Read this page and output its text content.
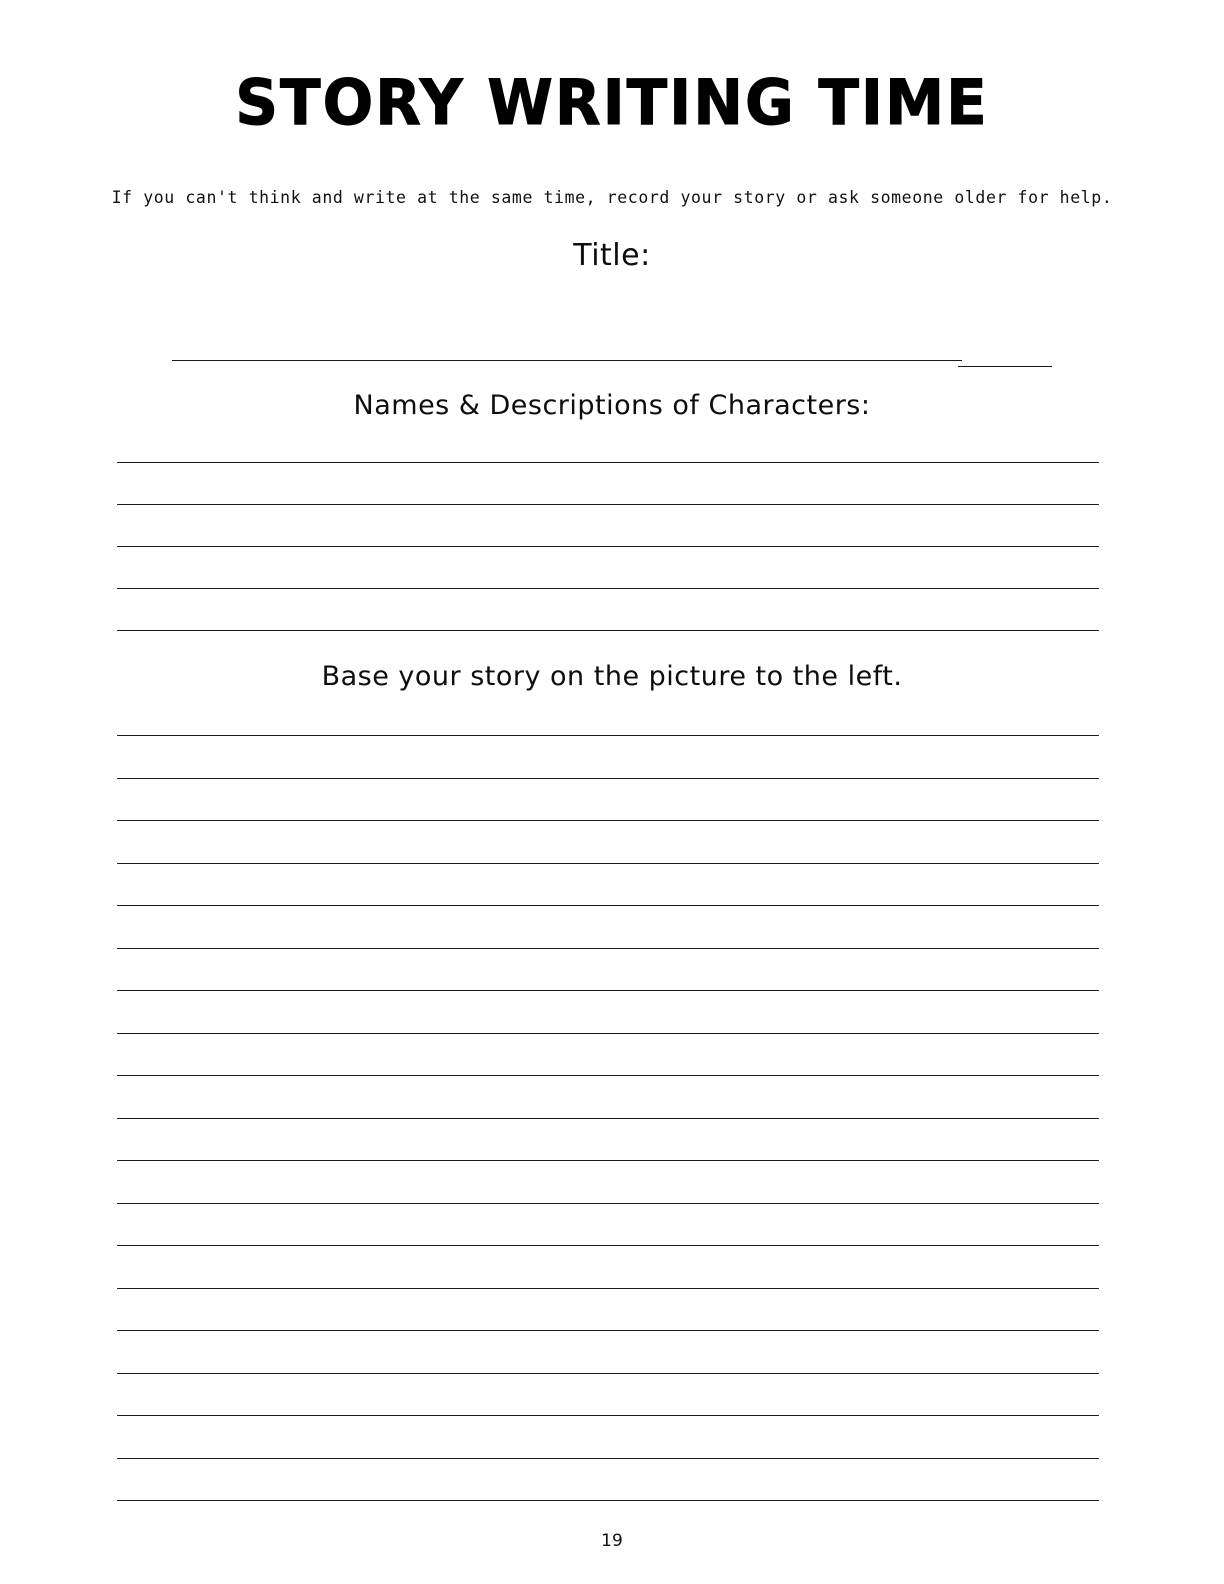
STORY WRITING TIME
If you can't think and write at the same time, record your story or ask someone older for help.
Title:
Names & Descriptions of Characters:
Base your story on the picture to the left.
19
